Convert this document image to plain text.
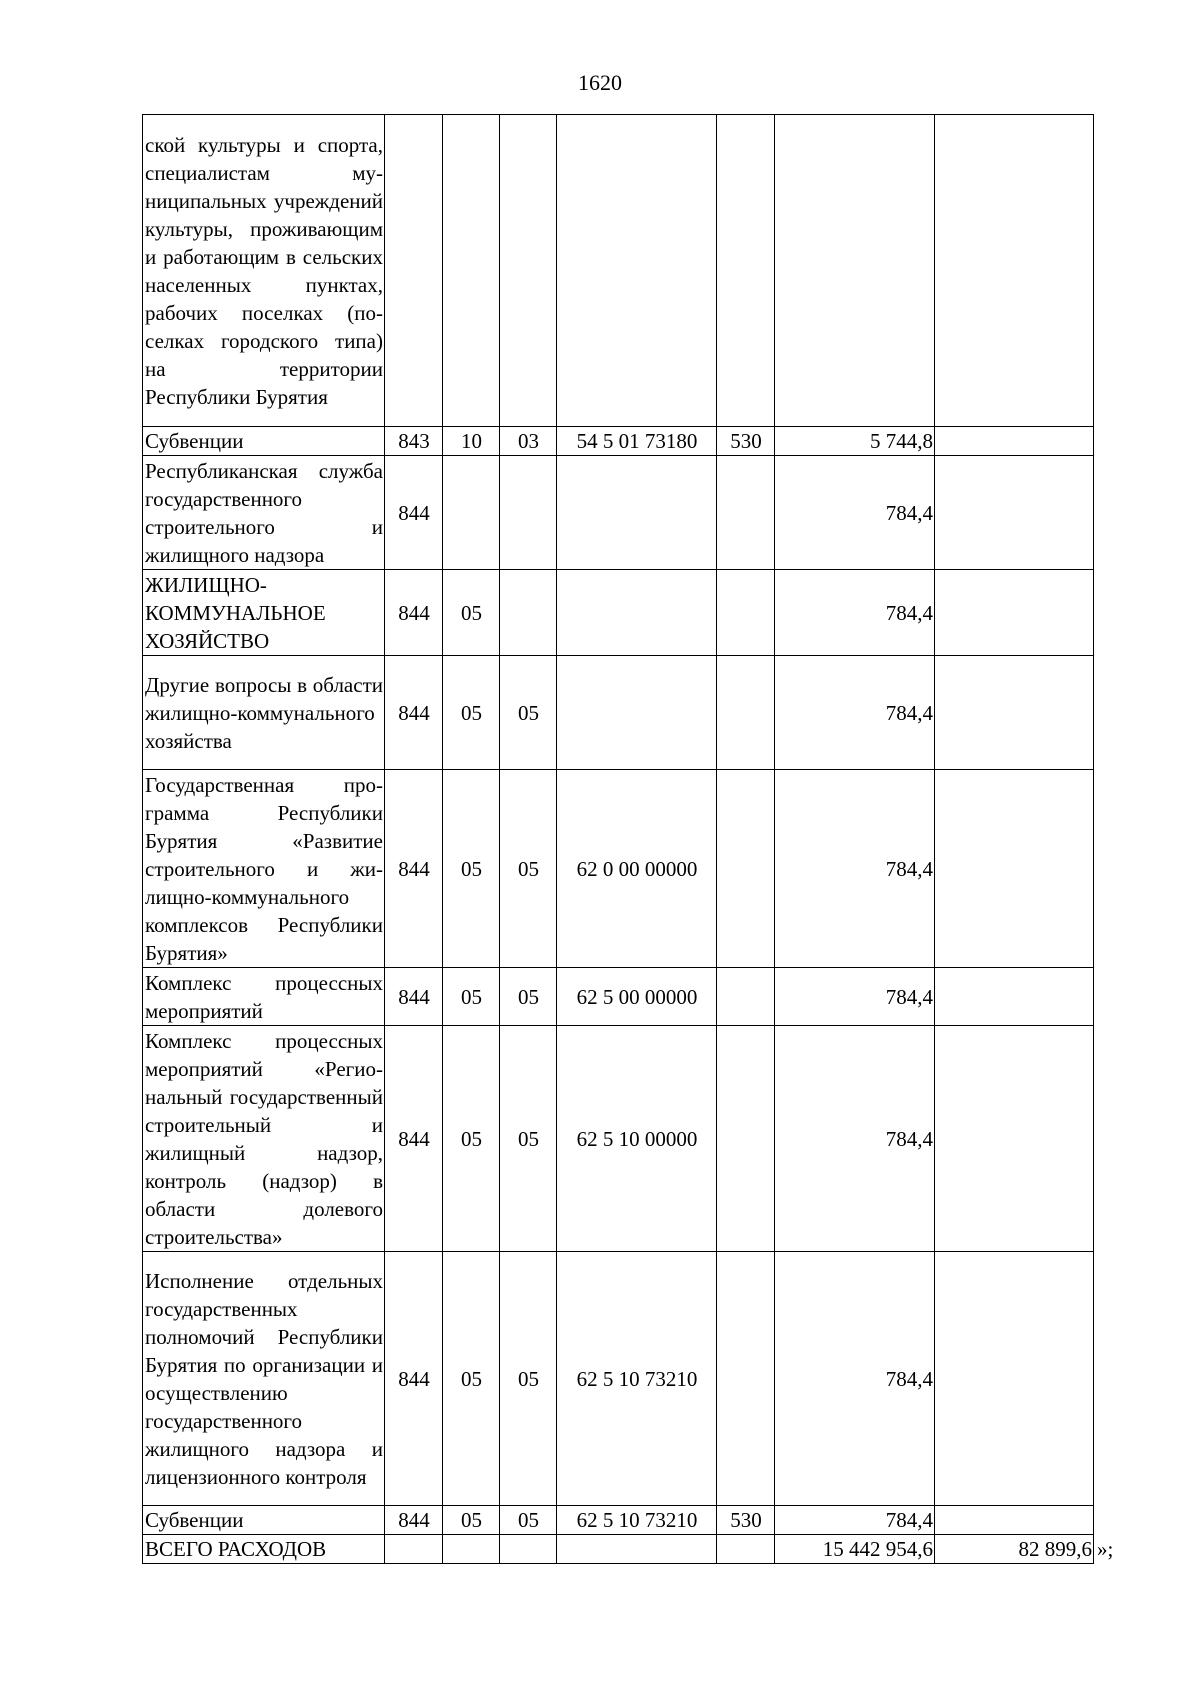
1620
ской культуры и спорта, специалистам муниципальных учреждений культуры, проживающим и работающим в сельских населенных пунктах, рабочих поселках (поселках городского типа) на территории Республики Бурятия							
Субвенции	843	10	03	54 5 01 73180	530	5 744,8	
Республиканская служба государственного строительного и жилищного надзора	844					784,4	
ЖИЛИЩНО-КОММУНАЛЬНОЕ ХОЗЯЙСТВО	844	05				784,4	
Другие вопросы в области жилищно-коммунального хозяйства	844	05	05			784,4	
Государственная программа Республики Бурятия «Развитие строительного и жилищно-коммунального комплексов Республики Бурятия»	844	05	05	62 0 00 00000		784,4	
Комплекс процессных мероприятий	844	05	05	62 5 00 00000		784,4	
Комплекс процессных мероприятий «Региональный государственный строительный и жилищный надзор, контроль (надзор) в области долевого строительства»	844	05	05	62 5 10 00000		784,4	
Исполнение отдельных государственных полномочий Республики Бурятия по организации и осуществлению государственного жилищного надзора и лицензионного контроля	844	05	05	62 5 10 73210		784,4	
Субвенции	844	05	05	62 5 10 73210	530	784,4	
ВСЕГО РАСХОДОВ						15 442 954,6	82 899,6 »;
